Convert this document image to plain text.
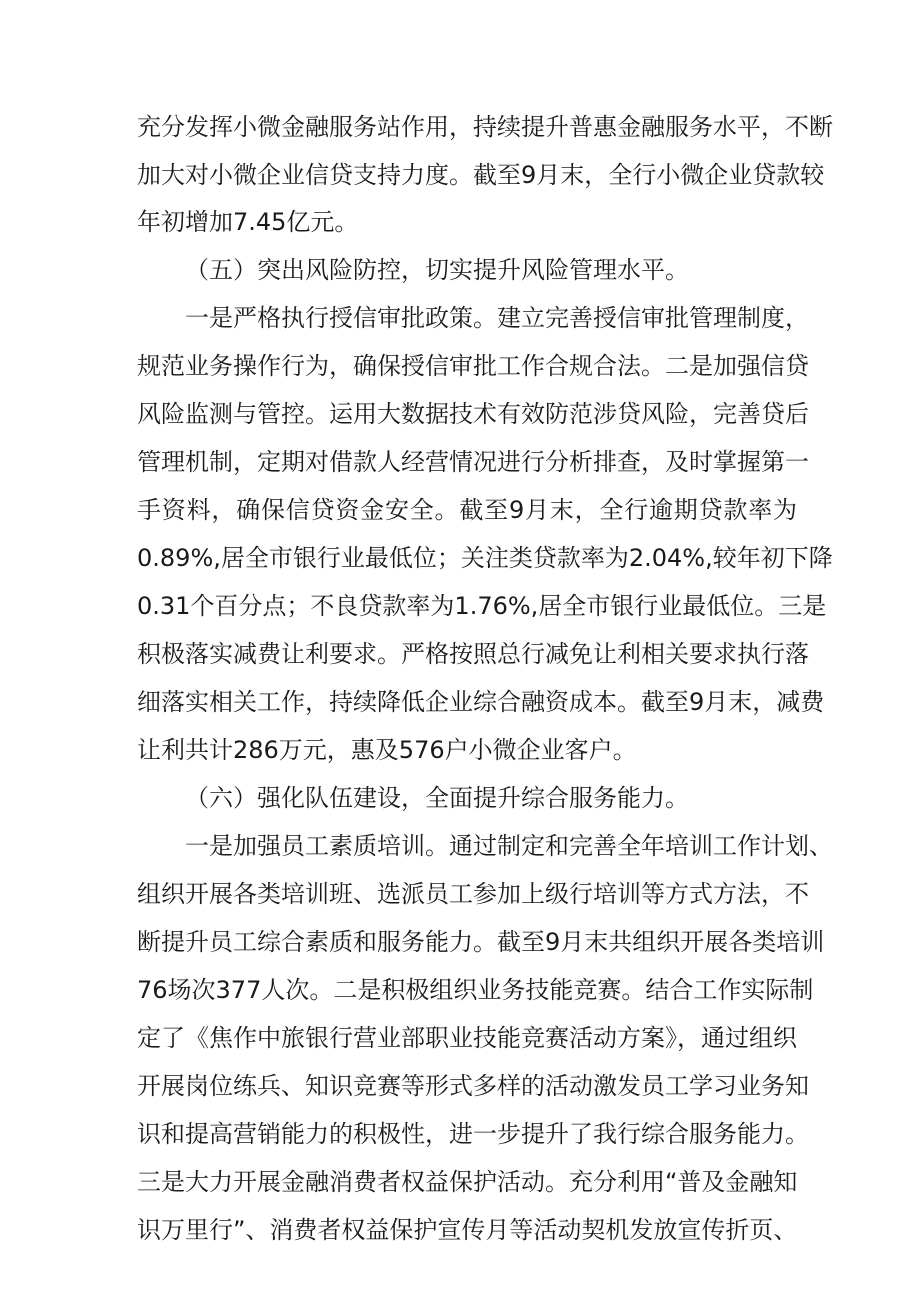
充分发挥小微金融服务站作用，持续提升普惠金融服务水平，不断
加大对小微企业信贷支持力度。截至9月末，全行小微企业贷款较
年初增加7.45亿元。
（五）突出风险防控，切实提升风险管理水平。
一是严格执行授信审批政策。建立完善授信审批管理制度，
规范业务操作行为，确保授信审批工作合规合法。二是加强信贷
风险监测与管控。运用大数据技术有效防范涉贷风险，完善贷后
管理机制，定期对借款人经营情况进行分析排查，及时掌握第一
手资料，确保信贷资金安全。截至9月末，全行逾期贷款率为
0.89%,居全市银行业最低位；关注类贷款率为2.04%,较年初下降
0.31个百分点；不良贷款率为1.76%,居全市银行业最低位。三是
积极落实减费让利要求。严格按照总行减免让利相关要求执行落
细落实相关工作，持续降低企业综合融资成本。截至9月末，减费
让利共计286万元，惠及576户小微企业客户。
（六）强化队伍建设，全面提升综合服务能力。
一是加强员工素质培训。通过制定和完善全年培训工作计划、
组织开展各类培训班、选派员工参加上级行培训等方式方法，不
断提升员工综合素质和服务能力。截至9月末共组织开展各类培训
76场次377人次。二是积极组织业务技能竞赛。结合工作实际制
定了《焦作中旅银行营业部职业技能竞赛活动方案》，通过组织
开展岗位练兵、知识竞赛等形式多样的活动激发员工学习业务知
识和提高营销能力的积极性，进一步提升了我行综合服务能力。
三是大力开展金融消费者权益保护活动。充分利用“普及金融知
识万里行”、消费者权益保护宣传月等活动契机发放宣传折页、
